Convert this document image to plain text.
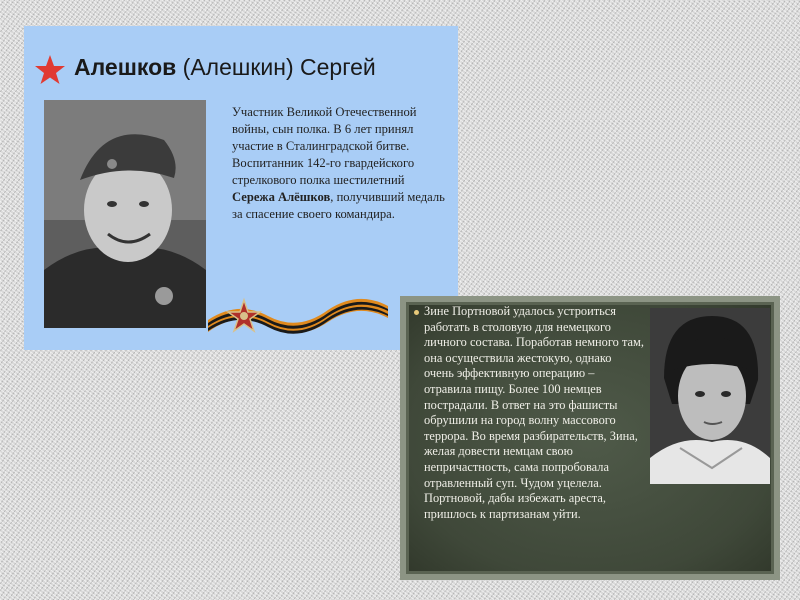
Алешков (Алешкин) Сергей
Участник Великой Отечественной войны, сын полка. В 6 лет принял участие в Сталинградской битве. Воспитанник 142-го гвардейского стрелкового полка шестилетний Сережа Алёшков, получивший медаль за спасение своего командира.
Зине Портновой удалось устроиться работать в столовую для немецкого личного состава. Поработав немного там, она осуществила жестокую, однако очень эффективную операцию – отравила пищу. Более 100 немцев пострадали. В ответ на это фашисты обрушили на город волну массового террора. Во время разбирательств, Зина, желая довести немцам свою непричастность, сама попробовала отравленный суп. Чудом уцелела. Портновой, дабы избежать ареста, пришлось к партизанам уйти.
